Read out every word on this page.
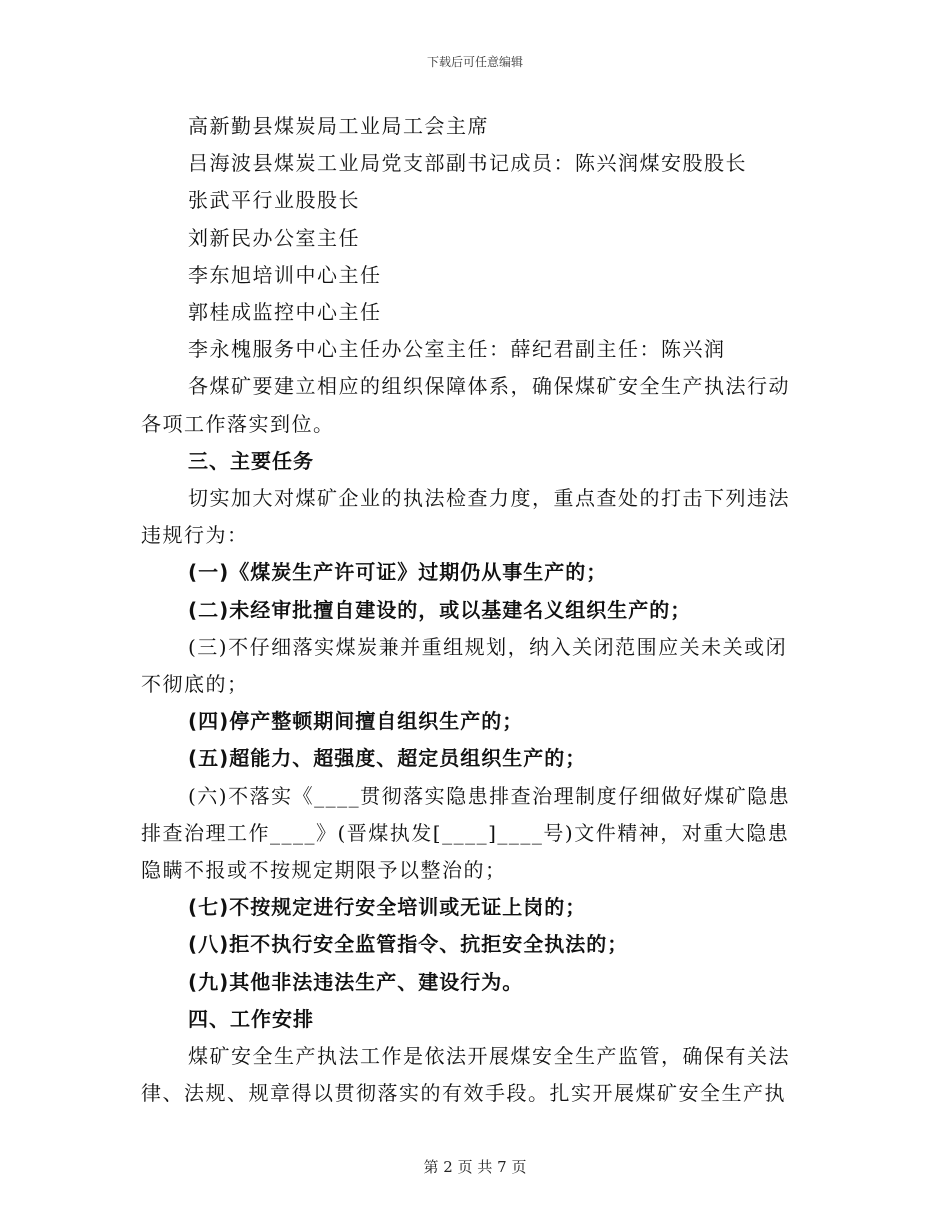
下载后可任意编辑

高新勤县煤炭局工业局工会主席

吕海波县煤炭工业局党支部副书记成员：陈兴润煤安股股长

张武平行业股股长

刘新民办公室主任

李东旭培训中心主任

郭桂成监控中心主任

李永槐服务中心主任办公室主任：薛纪君副主任：陈兴润

各煤矿要建立相应的组织保障体系，确保煤矿安全生产执法行动

各项工作落实到位。

三、主要任务

切实加大对煤矿企业的执法检查力度，重点查处的打击下列违法

违规行为：

(一)《煤炭生产许可证》过期仍从事生产的；

(二)未经审批擅自建设的，或以基建名义组织生产的；

(三)不仔细落实煤炭兼并重组规划，纳入关闭范围应关未关或闭

不彻底的；

(四)停产整顿期间擅自组织生产的；

(五)超能力、超强度、超定员组织生产的；

(六)不落实《____贯彻落实隐患排查治理制度仔细做好煤矿隐患

排查治理工作____》(晋煤执发[____]____号)文件精神，对重大隐患

隐瞒不报或不按规定期限予以整治的；

(七)不按规定进行安全培训或无证上岗的；

(八)拒不执行安全监管指令、抗拒安全执法的；

(九)其他非法违法生产、建设行为。

四、工作安排

煤矿安全生产执法工作是依法开展煤安全生产监管，确保有关法

律、法规、规章得以贯彻落实的有效手段。扎实开展煤矿安全生产执

第 2 页 共 7 页
